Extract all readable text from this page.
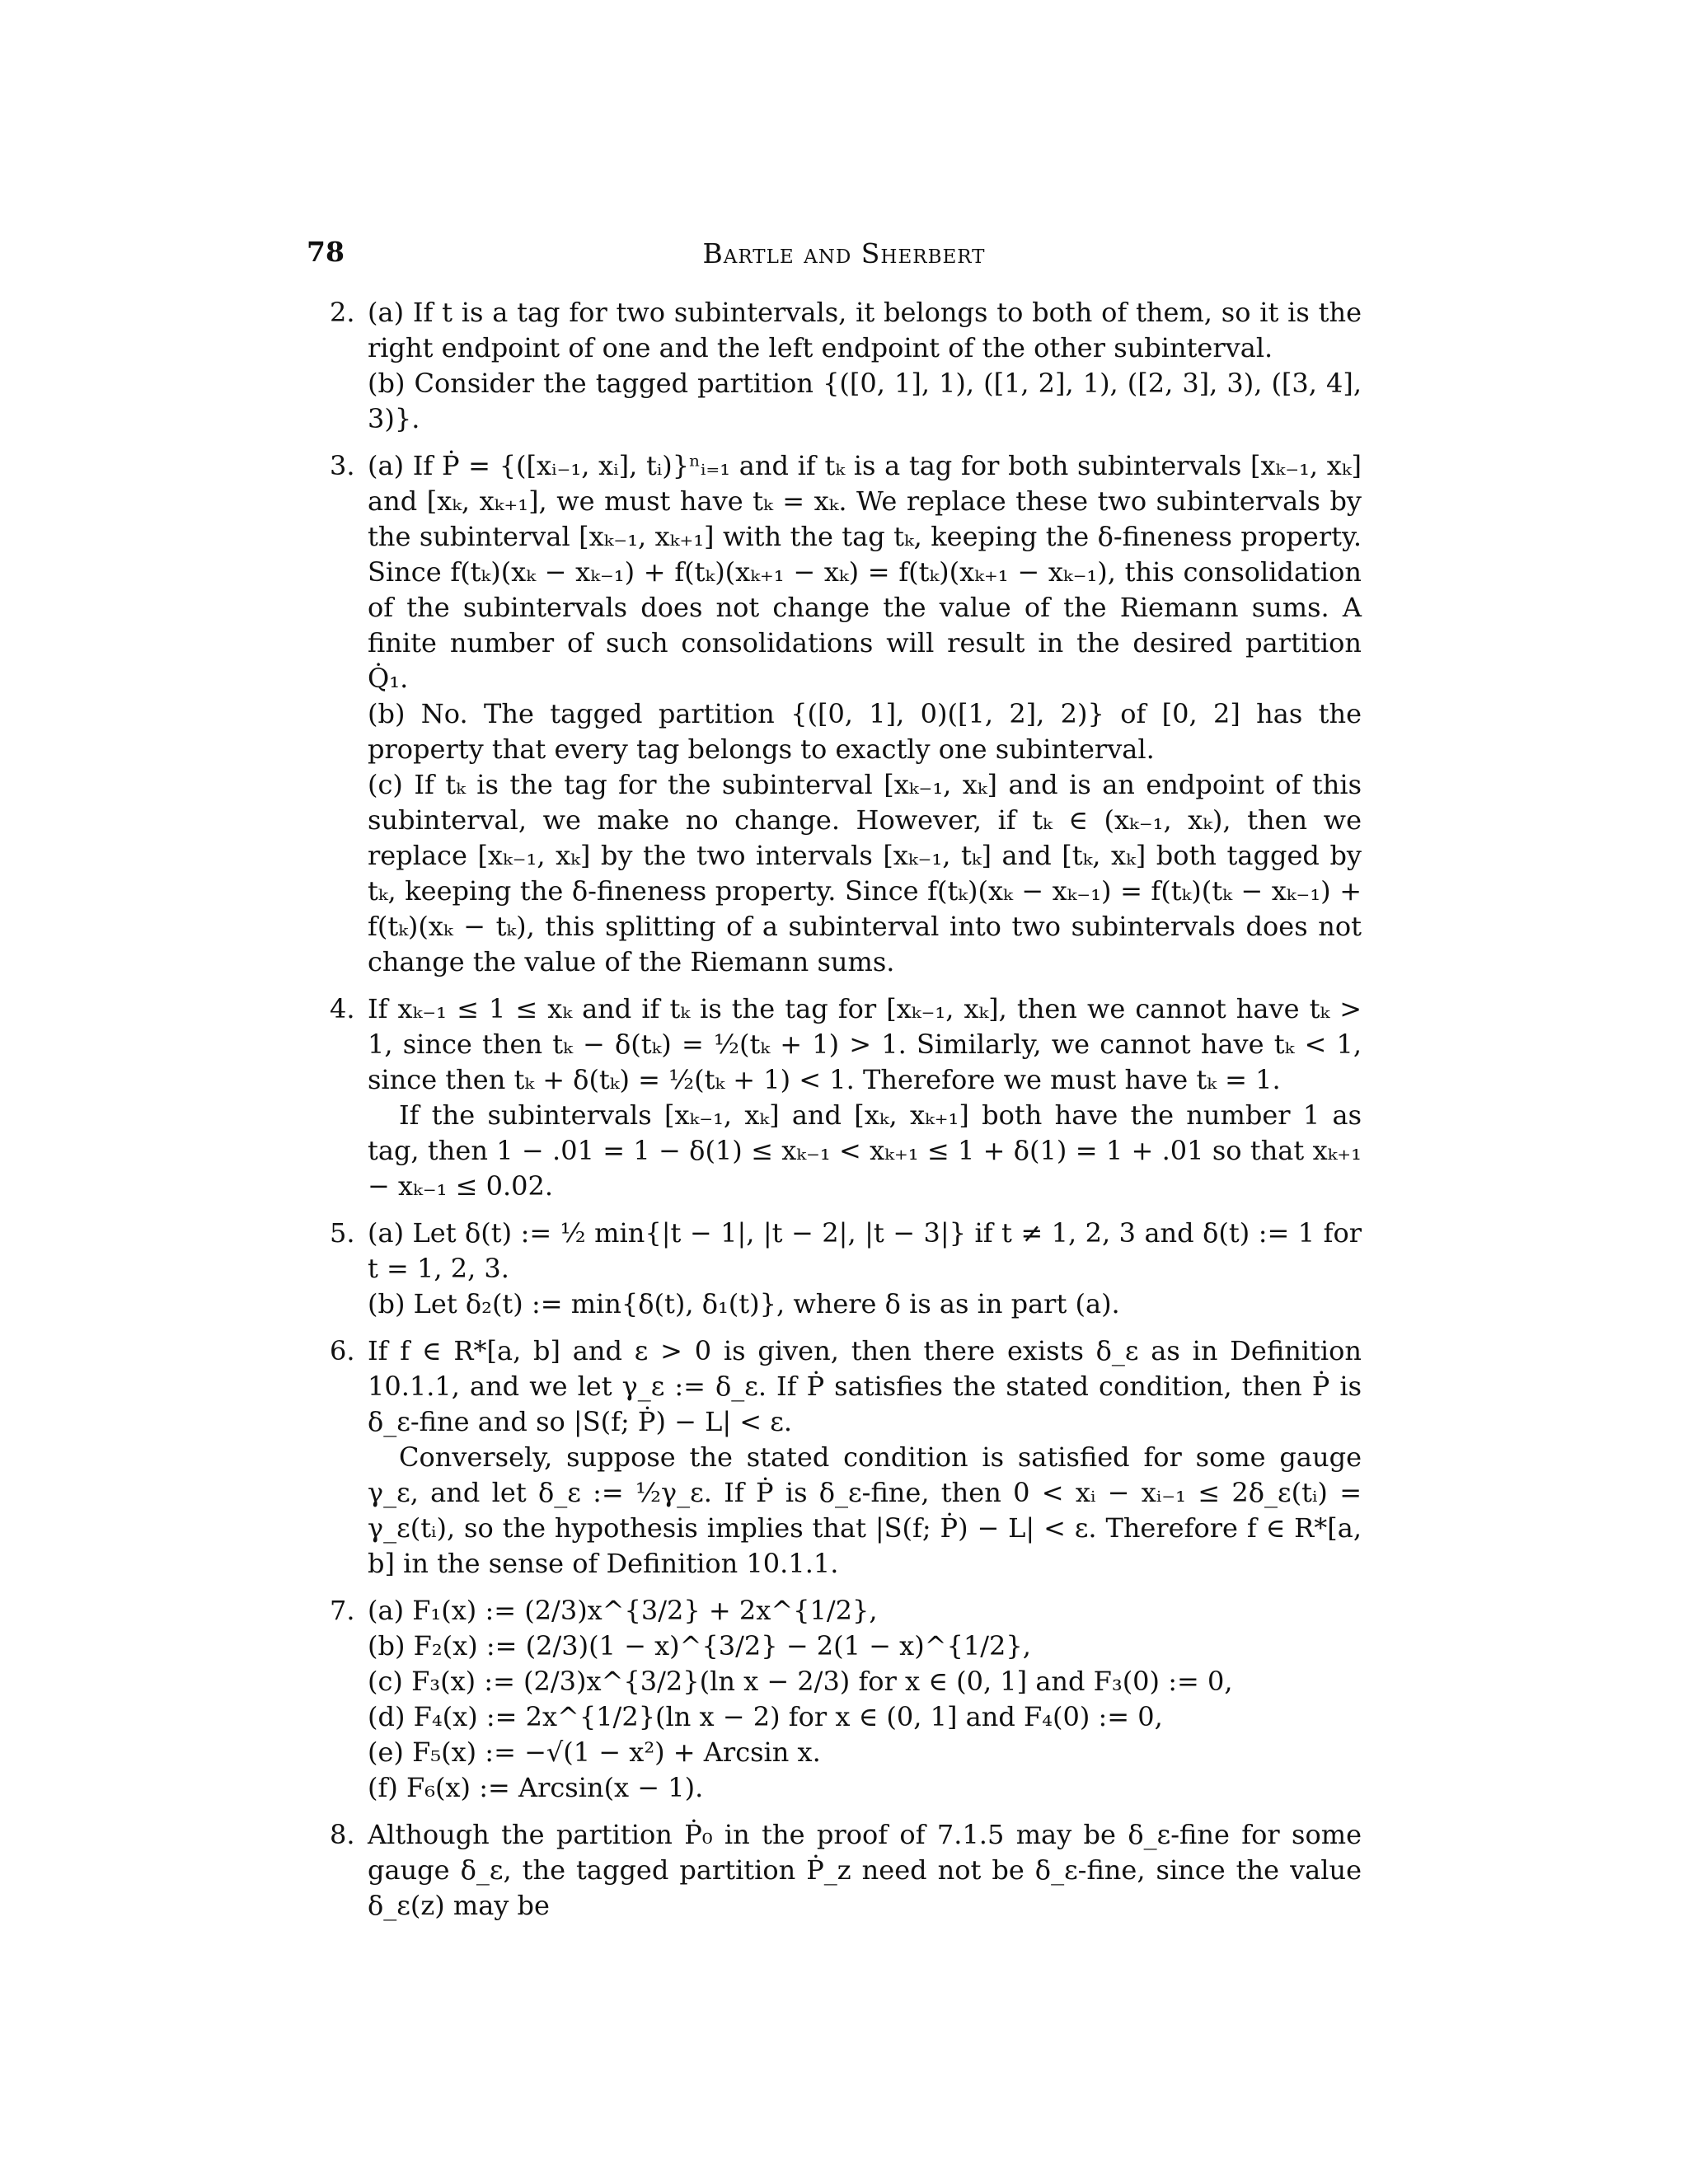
78	Bartle and Sherbert
2. (a) If t is a tag for two subintervals, it belongs to both of them, so it is the right endpoint of one and the left endpoint of the other subinterval.

(b) Consider the tagged partition {([0, 1], 1), ([1, 2], 1), ([2, 3], 3), ([3, 4], 3)}.

3. (a) If Ṗ = {([xᵢ₋₁, xᵢ], tᵢ)}ⁿᵢ₌₁ and if tₖ is a tag for both subintervals [xₖ₋₁, xₖ] and [xₖ, xₖ₊₁], we must have tₖ = xₖ. We replace these two subintervals by the subinterval [xₖ₋₁, xₖ₊₁] with the tag tₖ, keeping the δ-fineness property. Since f(tₖ)(xₖ − xₖ₋₁) + f(tₖ)(xₖ₊₁ − xₖ) = f(tₖ)(xₖ₊₁ − xₖ₋₁), this consolidation of the subintervals does not change the value of the Riemann sums. A finite number of such consolidations will result in the desired partition Q̇₁.

(b) No. The tagged partition {([0, 1], 0)([1, 2], 2)} of [0, 2] has the property that every tag belongs to exactly one subinterval.

(c) If tₖ is the tag for the subinterval [xₖ₋₁, xₖ] and is an endpoint of this subinterval, we make no change. However, if tₖ ∈ (xₖ₋₁, xₖ), then we replace [xₖ₋₁, xₖ] by the two intervals [xₖ₋₁, tₖ] and [tₖ, xₖ] both tagged by tₖ, keeping the δ-fineness property. Since f(tₖ)(xₖ − xₖ₋₁) = f(tₖ)(tₖ − xₖ₋₁) + f(tₖ)(xₖ − tₖ), this splitting of a subinterval into two subintervals does not change the value of the Riemann sums.

4. If xₖ₋₁ ≤ 1 ≤ xₖ and if tₖ is the tag for [xₖ₋₁, xₖ], then we cannot have tₖ > 1, since then tₖ − δ(tₖ) = ½(tₖ + 1) > 1. Similarly, we cannot have tₖ < 1, since then tₖ + δ(tₖ) = ½(tₖ + 1) < 1. Therefore we must have tₖ = 1.

If the subintervals [xₖ₋₁, xₖ] and [xₖ, xₖ₊₁] both have the number 1 as tag, then 1 − .01 = 1 − δ(1) ≤ xₖ₋₁ < xₖ₊₁ ≤ 1 + δ(1) = 1 + .01 so that xₖ₊₁ − xₖ₋₁ ≤ 0.02.

5. (a) Let δ(t) := ½ min{|t − 1|, |t − 2|, |t − 3|} if t ≠ 1, 2, 3 and δ(t) := 1 for t = 1, 2, 3.

(b) Let δ₂(t) := min{δ(t), δ₁(t)}, where δ is as in part (a).

6. If f ∈ R*[a, b] and ε > 0 is given, then there exists δ_ε as in Definition 10.1.1, and we let γ_ε := δ_ε. If Ṗ satisfies the stated condition, then Ṗ is δ_ε-fine and so |S(f; Ṗ) − L| < ε.

Conversely, suppose the stated condition is satisfied for some gauge γ_ε, and let δ_ε := ½γ_ε. If Ṗ is δ_ε-fine, then 0 < xᵢ − xᵢ₋₁ ≤ 2δ_ε(tᵢ) = γ_ε(tᵢ), so the hypothesis implies that |S(f; Ṗ) − L| < ε. Therefore f ∈ R*[a, b] in the sense of Definition 10.1.1.

7. (a) F₁(x) := (2/3)x^{3/2} + 2x^{1/2},

(b) F₂(x) := (2/3)(1 − x)^{3/2} − 2(1 − x)^{1/2},

(c) F₃(x) := (2/3)x^{3/2}(ln x − 2/3) for x ∈ (0, 1] and F₃(0) := 0,

(d) F₄(x) := 2x^{1/2}(ln x − 2) for x ∈ (0, 1] and F₄(0) := 0,

(e) F₅(x) := −√(1 − x²) + Arcsin x.

(f) F₆(x) := Arcsin(x − 1).

8. Although the partition Ṗ₀ in the proof of 7.1.5 may be δ_ε-fine for some gauge δ_ε, the tagged partition Ṗ_z need not be δ_ε-fine, since the value δ_ε(z) may be
